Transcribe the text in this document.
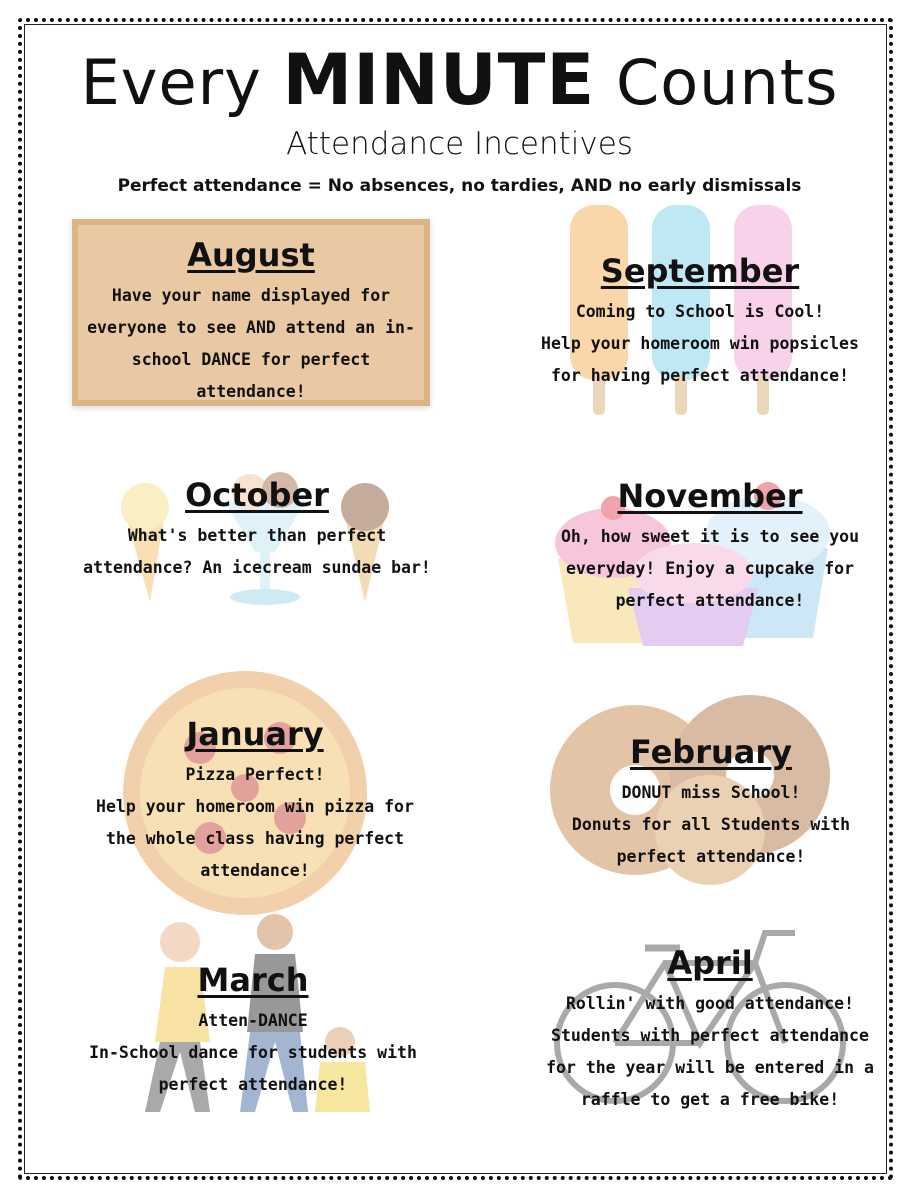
Every MINUTE Counts
Attendance Incentives
Perfect attendance = No absences, no tardies, AND no early dismissals
August
Have your name displayed for
everyone to see AND attend an in-
school DANCE for perfect
attendance!
September
Coming to School is Cool!
Help your homeroom win popsicles
for having perfect attendance!
October
What's better than perfect
attendance? An icecream sundae bar!
November
Oh, how sweet it is to see you
everyday! Enjoy a cupcake for
perfect attendance!
January
Pizza Perfect!
Help your homeroom win pizza for
the whole class having perfect
attendance!
February
DONUT miss School!
Donuts for all Students with
perfect attendance!
March
Atten-DANCE
In-School dance for students with
perfect attendance!
April
Rollin' with good attendance!
Students with perfect attendance
for the year will be entered in a
raffle to get a free bike!
